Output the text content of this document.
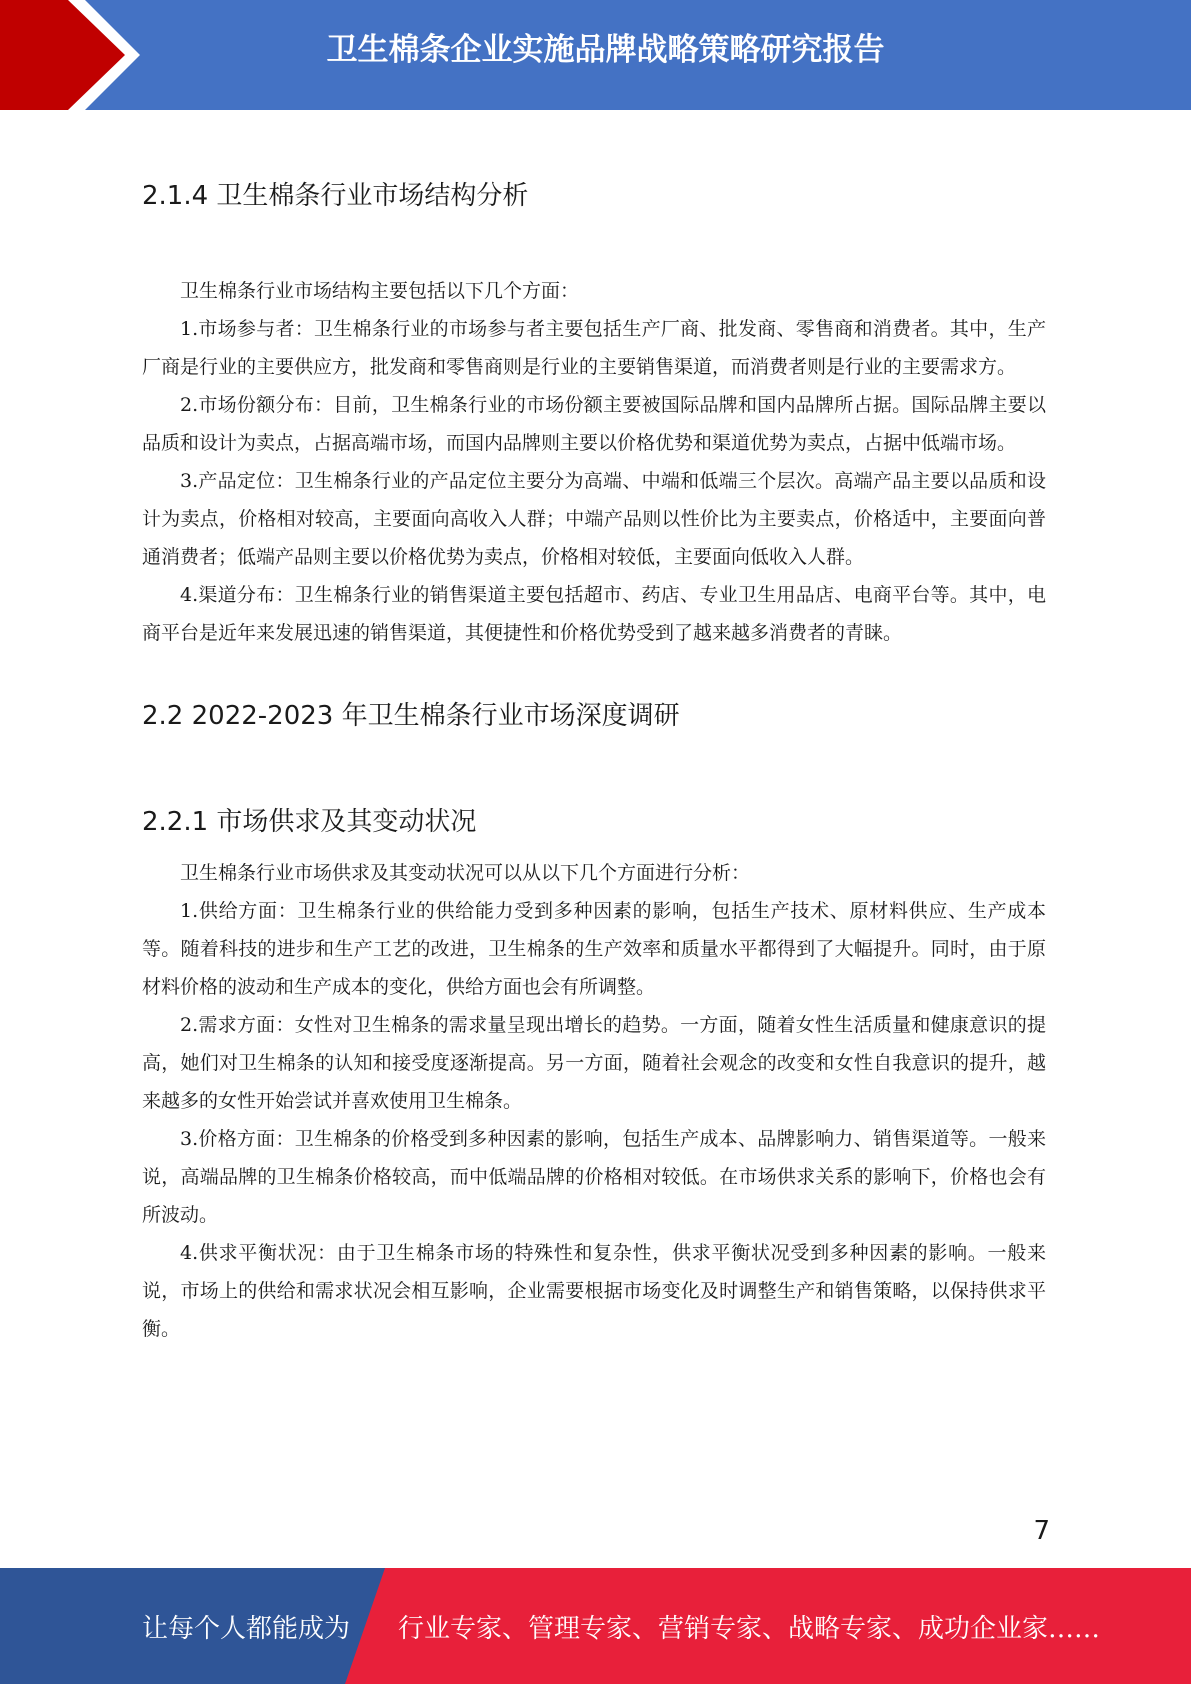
卫生棉条企业实施品牌战略策略研究报告
2.1.4 卫生棉条行业市场结构分析

卫生棉条行业市场结构主要包括以下几个方面：

1.市场参与者：卫生棉条行业的市场参与者主要包括生产厂商、批发商、零售商和消费者。其中，生产厂商是行业的主要供应方，批发商和零售商则是行业的主要销售渠道，而消费者则是行业的主要需求方。

2.市场份额分布：目前，卫生棉条行业的市场份额主要被国际品牌和国内品牌所占据。国际品牌主要以品质和设计为卖点，占据高端市场，而国内品牌则主要以价格优势和渠道优势为卖点，占据中低端市场。

3.产品定位：卫生棉条行业的产品定位主要分为高端、中端和低端三个层次。高端产品主要以品质和设计为卖点，价格相对较高，主要面向高收入人群；中端产品则以性价比为主要卖点，价格适中，主要面向普通消费者；低端产品则主要以价格优势为卖点，价格相对较低，主要面向低收入人群。

4.渠道分布：卫生棉条行业的销售渠道主要包括超市、药店、专业卫生用品店、电商平台等。其中，电商平台是近年来发展迅速的销售渠道，其便捷性和价格优势受到了越来越多消费者的青睐。

2.2 2022-2023 年卫生棉条行业市场深度调研
2.2.1 市场供求及其变动状况

卫生棉条行业市场供求及其变动状况可以从以下几个方面进行分析：

1.供给方面：卫生棉条行业的供给能力受到多种因素的影响，包括生产技术、原材料供应、生产成本等。随着科技的进步和生产工艺的改进，卫生棉条的生产效率和质量水平都得到了大幅提升。同时，由于原材料价格的波动和生产成本的变化，供给方面也会有所调整。

2.需求方面：女性对卫生棉条的需求量呈现出增长的趋势。一方面，随着女性生活质量和健康意识的提高，她们对卫生棉条的认知和接受度逐渐提高。另一方面，随着社会观念的改变和女性自我意识的提升，越来越多的女性开始尝试并喜欢使用卫生棉条。

3.价格方面：卫生棉条的价格受到多种因素的影响，包括生产成本、品牌影响力、销售渠道等。一般来说，高端品牌的卫生棉条价格较高，而中低端品牌的价格相对较低。在市场供求关系的影响下，价格也会有所波动。

4.供求平衡状况：由于卫生棉条市场的特殊性和复杂性，供求平衡状况受到多种因素的影响。一般来说，市场上的供给和需求状况会相互影响，企业需要根据市场变化及时调整生产和销售策略，以保持供求平衡。

7
让每个人都能成为 行业专家、管理专家、营销专家、战略专家、成功企业家……
